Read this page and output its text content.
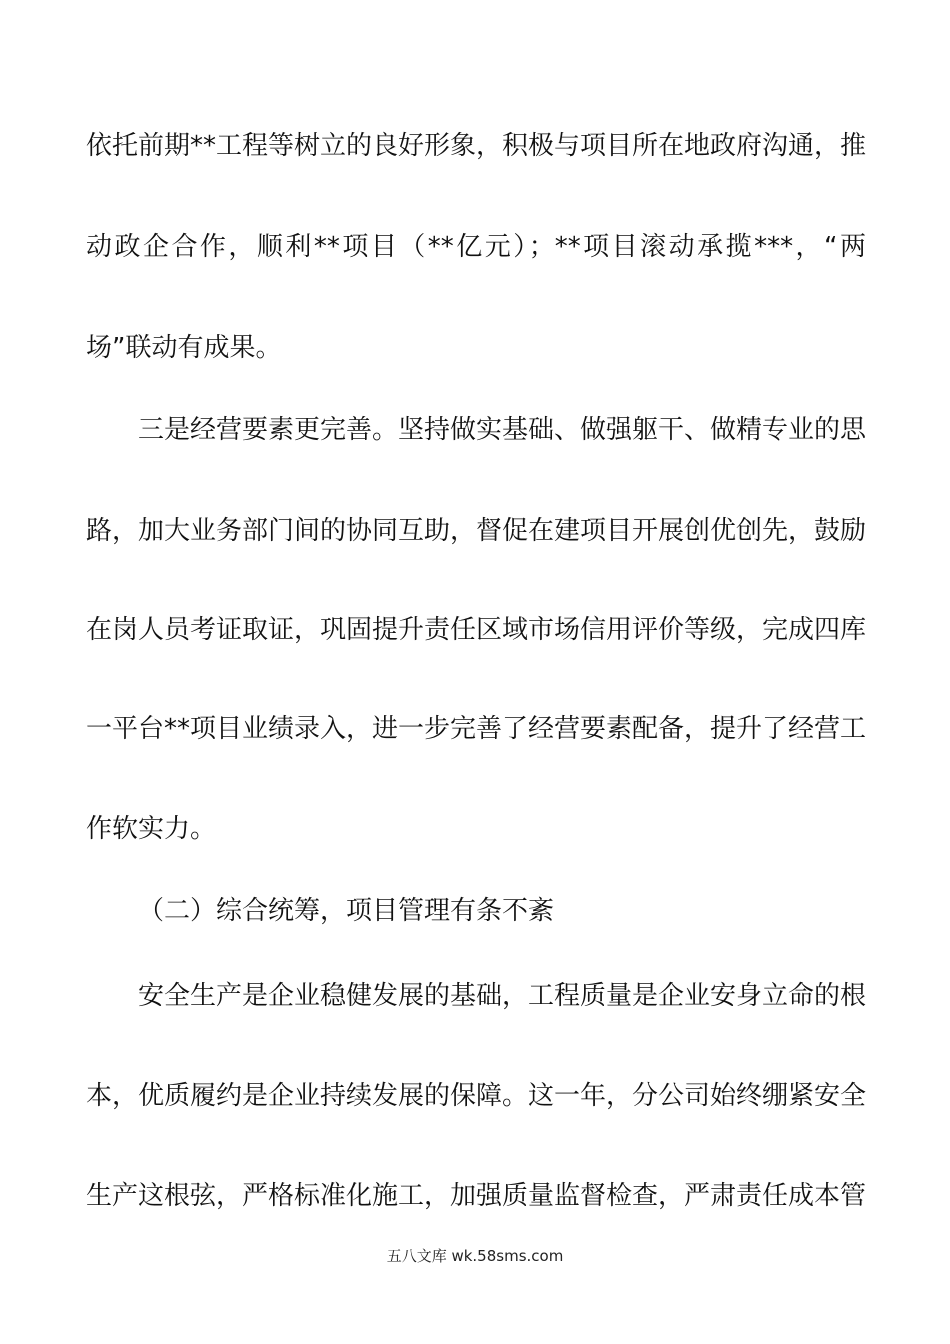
依托前期**工程等树立的良好形象，积极与项目所在地政府沟通，推
动政企合作，顺利**项目（**亿元）；**项目滚动承揽***，“两
场”联动有成果。
三是经营要素更完善。坚持做实基础、做强躯干、做精专业的思
路，加大业务部门间的协同互助，督促在建项目开展创优创先，鼓励
在岗人员考证取证，巩固提升责任区域市场信用评价等级，完成四库
一平台**项目业绩录入，进一步完善了经营要素配备，提升了经营工
作软实力。
（二）综合统筹，项目管理有条不紊
安全生产是企业稳健发展的基础，工程质量是企业安身立命的根
本，优质履约是企业持续发展的保障。这一年，分公司始终绷紧安全
生产这根弦，严格标准化施工，加强质量监督检查，严肃责任成本管
五八文库 wk.58sms.com
